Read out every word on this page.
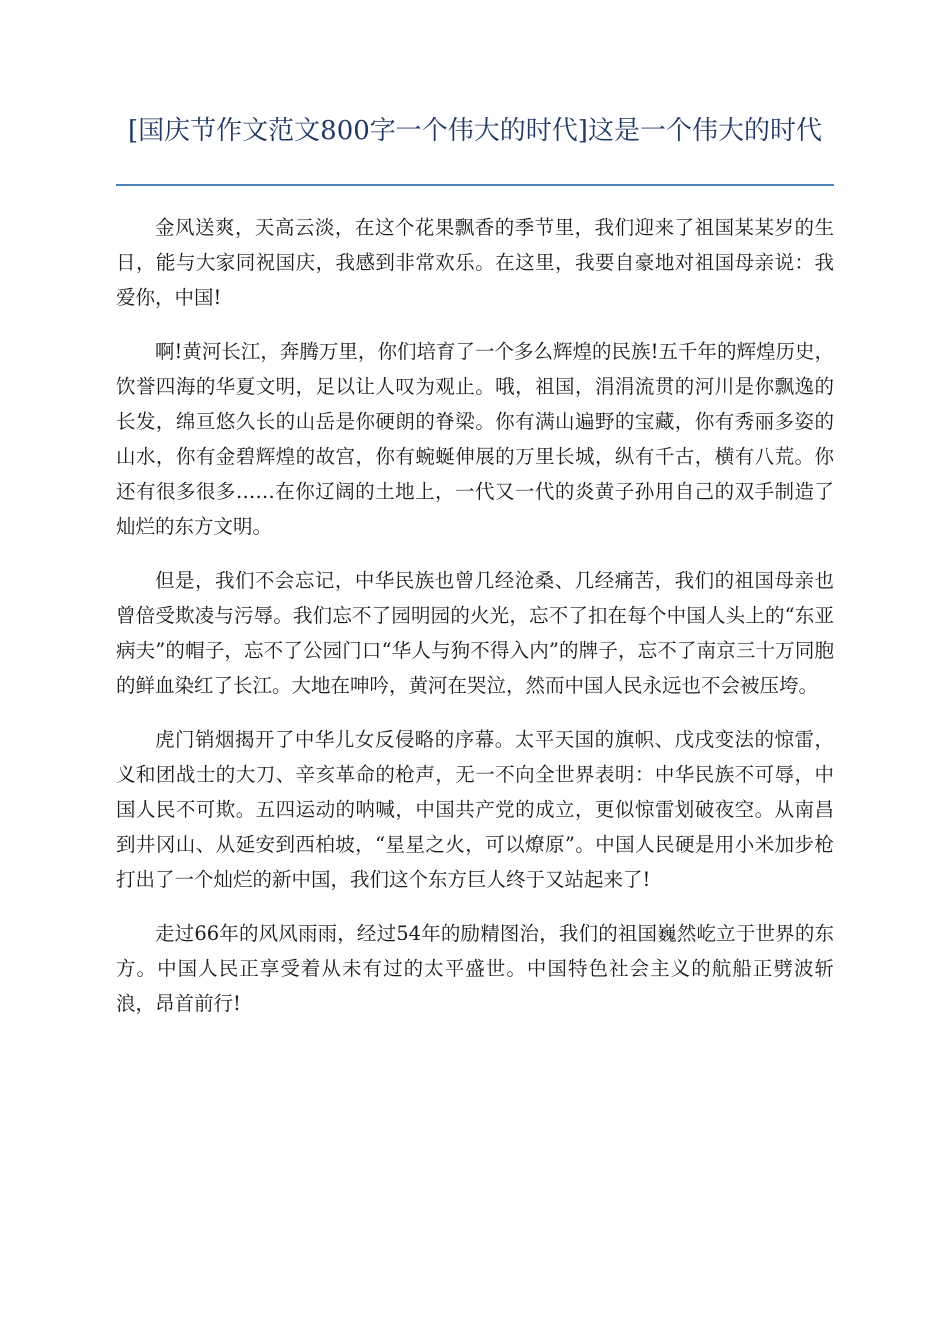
[国庆节作文范文800字一个伟大的时代]这是一个伟大的时代

金风送爽，天高云淡，在这个花果飘香的季节里，我们迎来了祖国某某岁的生日，能与大家同祝国庆，我感到非常欢乐。在这里，我要自豪地对祖国母亲说：我爱你，中国!

啊!黄河长江，奔腾万里，你们培育了一个多么辉煌的民族!五千年的辉煌历史，饮誉四海的华夏文明，足以让人叹为观止。哦，祖国，涓涓流贯的河川是你飘逸的长发，绵亘悠久长的山岳是你硬朗的脊梁。你有满山遍野的宝藏，你有秀丽多姿的山水，你有金碧辉煌的故宫，你有蜿蜒伸展的万里长城，纵有千古，横有八荒。你还有很多很多……在你辽阔的土地上，一代又一代的炎黄子孙用自己的双手制造了灿烂的东方文明。

但是，我们不会忘记，中华民族也曾几经沧桑、几经痛苦，我们的祖国母亲也曾倍受欺凌与污辱。我们忘不了园明园的火光，忘不了扣在每个中国人头上的“东亚病夫”的帽子，忘不了公园门口“华人与狗不得入内”的牌子，忘不了南京三十万同胞的鲜血染红了长江。大地在呻吟，黄河在哭泣，然而中国人民永远也不会被压垮。

虎门销烟揭开了中华儿女反侵略的序幕。太平天国的旗帜、戊戌变法的惊雷，义和团战士的大刀、辛亥革命的枪声，无一不向全世界表明：中华民族不可辱，中国人民不可欺。五四运动的呐喊，中国共产党的成立，更似惊雷划破夜空。从南昌到井冈山、从延安到西柏坡，“星星之火，可以燎原”。中国人民硬是用小米加步枪打出了一个灿烂的新中国，我们这个东方巨人终于又站起来了!

走过66年的风风雨雨，经过54年的励精图治，我们的祖国巍然屹立于世界的东方。中国人民正享受着从未有过的太平盛世。中国特色社会主义的航船正劈波斩浪，昂首前行!
